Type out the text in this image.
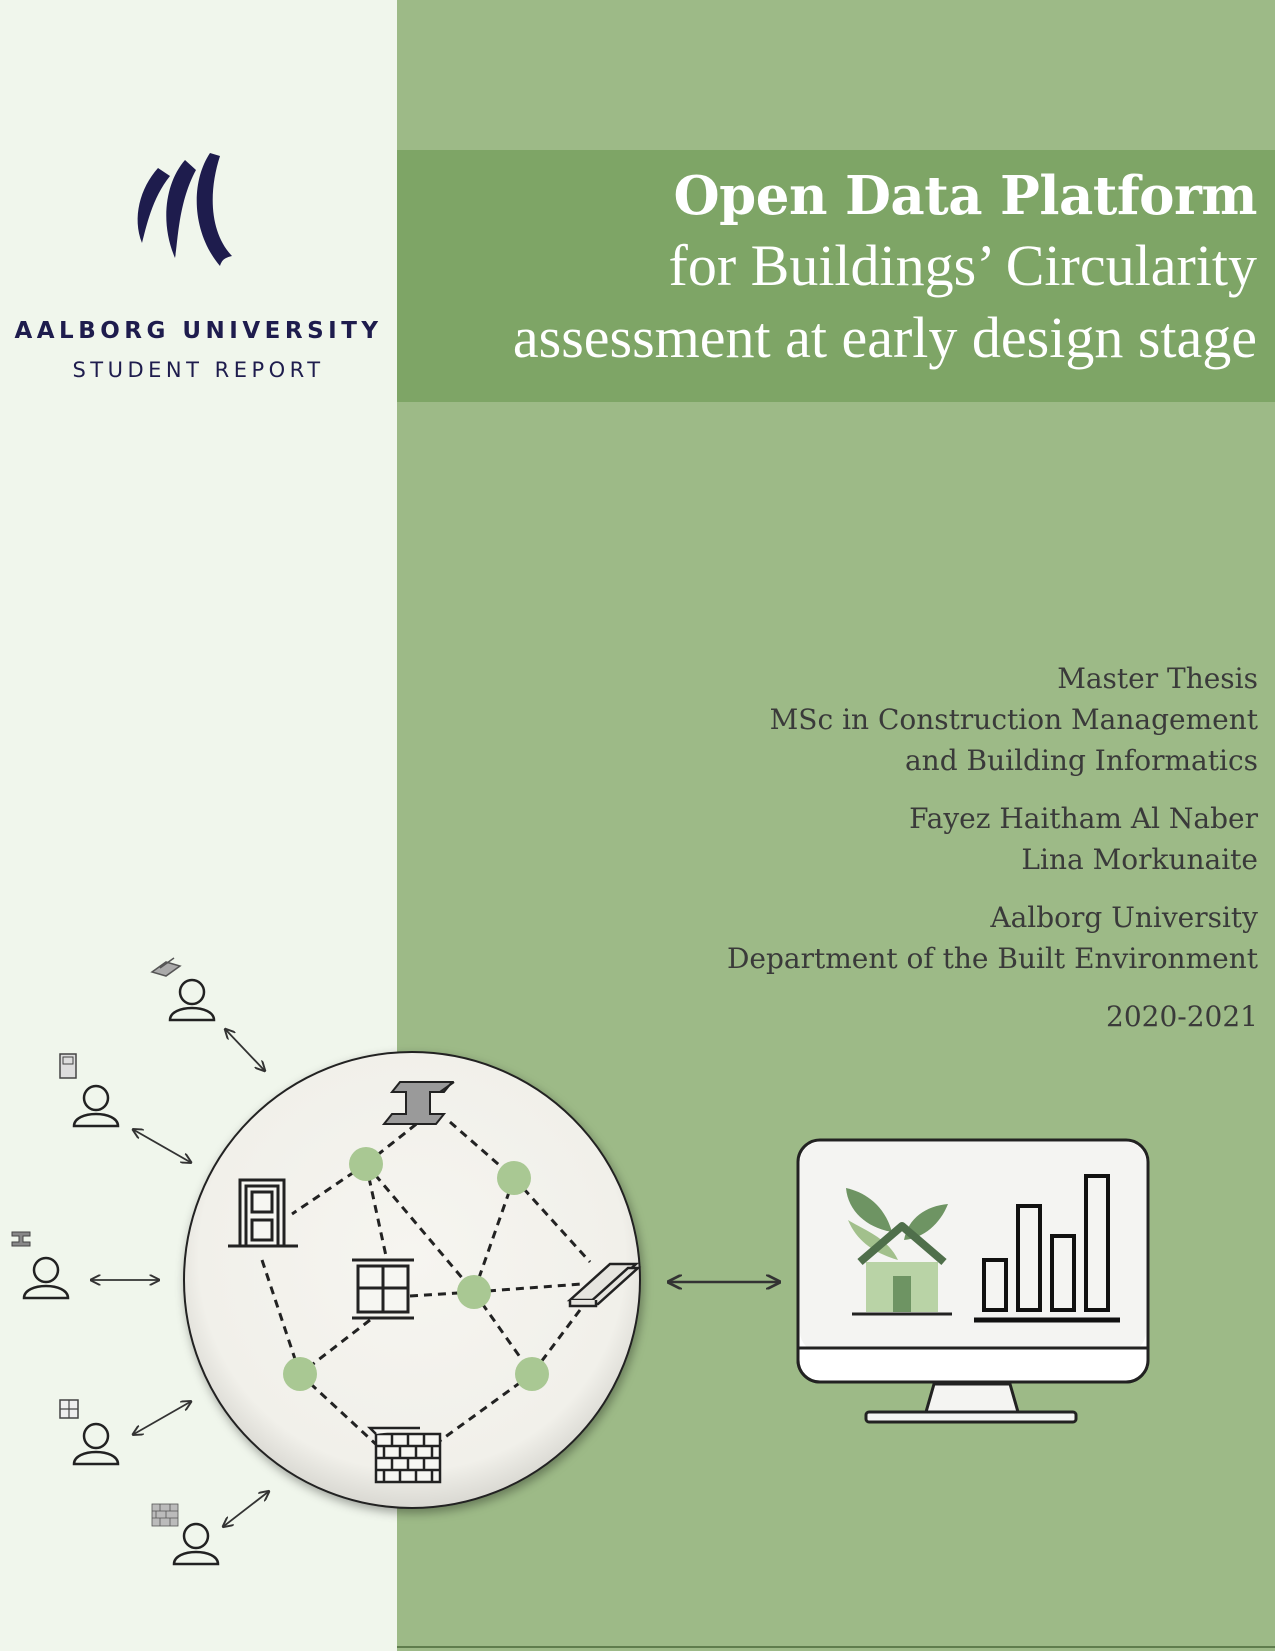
AALBORG UNIVERSITY
STUDENT REPORT
Open Data Platform
for Buildings’ Circularity
assessment at early design stage
Master Thesis
MSc in Construction Management
and Building Informatics
Fayez Haitham Al Naber
Lina Morkunaite
Aalborg University
Department of the Built Environment
2020-2021
